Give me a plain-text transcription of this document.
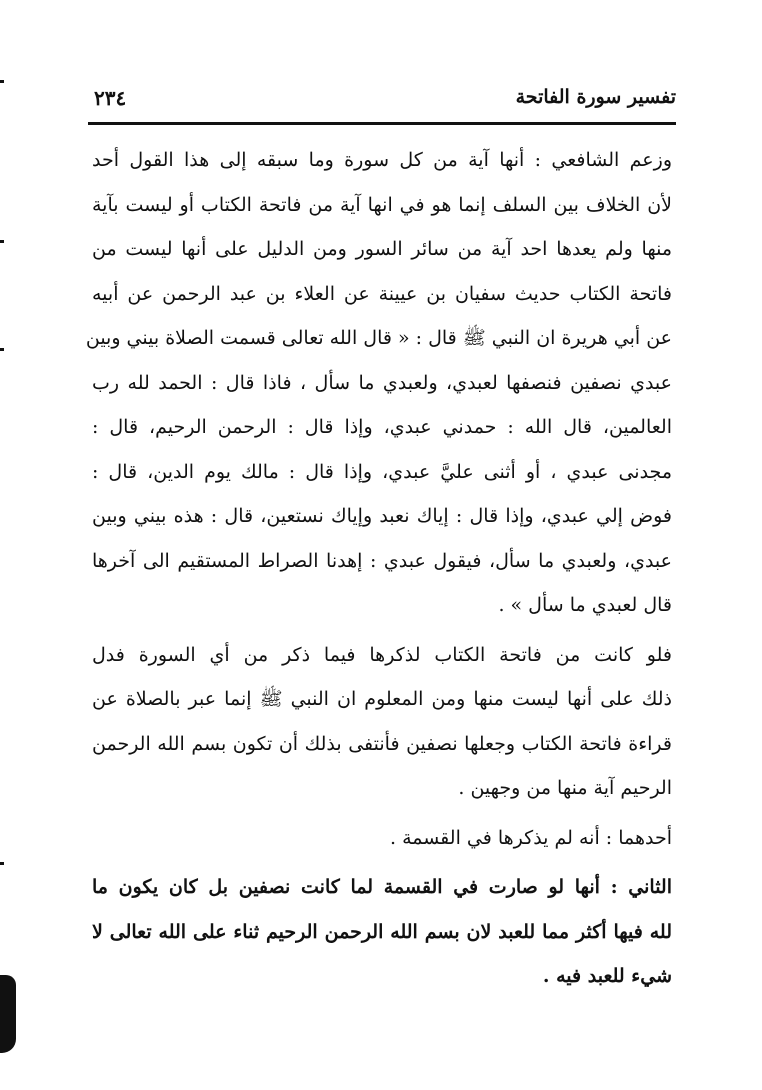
تفسير سورة الفاتحة
٢٣٤

وزعم الشافعي : أنها آية من كل سورة وما سبقه إلى هذا القول أحد
لأن الخلاف بين السلف إنما هو في انها آية من فاتحة الكتاب أو ليست بآية
منها ولم يعدها احد آية من سائر السور ومن الدليل على أنها ليست من
فاتحة الكتاب حديث سفيان بن عيينة عن العلاء بن عبد الرحمن عن أبيه
عن أبي هريرة ان النبي ﷺ قال : « قال الله تعالى قسمت الصلاة بيني وبين
عبدي نصفين فنصفها لعبدي، ولعبدي ما سأل ، فاذا قال : الحمد لله رب
العالمين، قال الله : حمدني عبدي، وإذا قال : الرحمن الرحيم، قال :
مجدنى عبدي ، أو أثنى عليَّ عبدي، وإذا قال : مالك يوم الدين، قال :
فوض إلي عبدي، وإذا قال : إياك نعبد وإياك نستعين، قال : هذه بيني وبين
عبدي، ولعبدي ما سأل، فيقول عبدي : إهدنا الصراط المستقيم الى آخرها
قال لعبدي ما سأل » .

فلو كانت من فاتحة الكتاب لذكرها فيما ذكر من أي السورة فدل
ذلك على أنها ليست منها ومن المعلوم ان النبي ﷺ إنما عبر بالصلاة عن
قراءة فاتحة الكتاب وجعلها نصفين فأنتفى بذلك أن تكون بسم الله الرحمن
الرحيم آية منها من وجهين .

أحدهما : أنه لم يذكرها في القسمة .

الثاني : أنها لو صارت في القسمة لما كانت نصفين بل كان يكون ما
لله فيها أكثر مما للعبد لان بسم الله الرحمن الرحيم ثناء على الله تعالى لا
شيء للعبد فيه .
